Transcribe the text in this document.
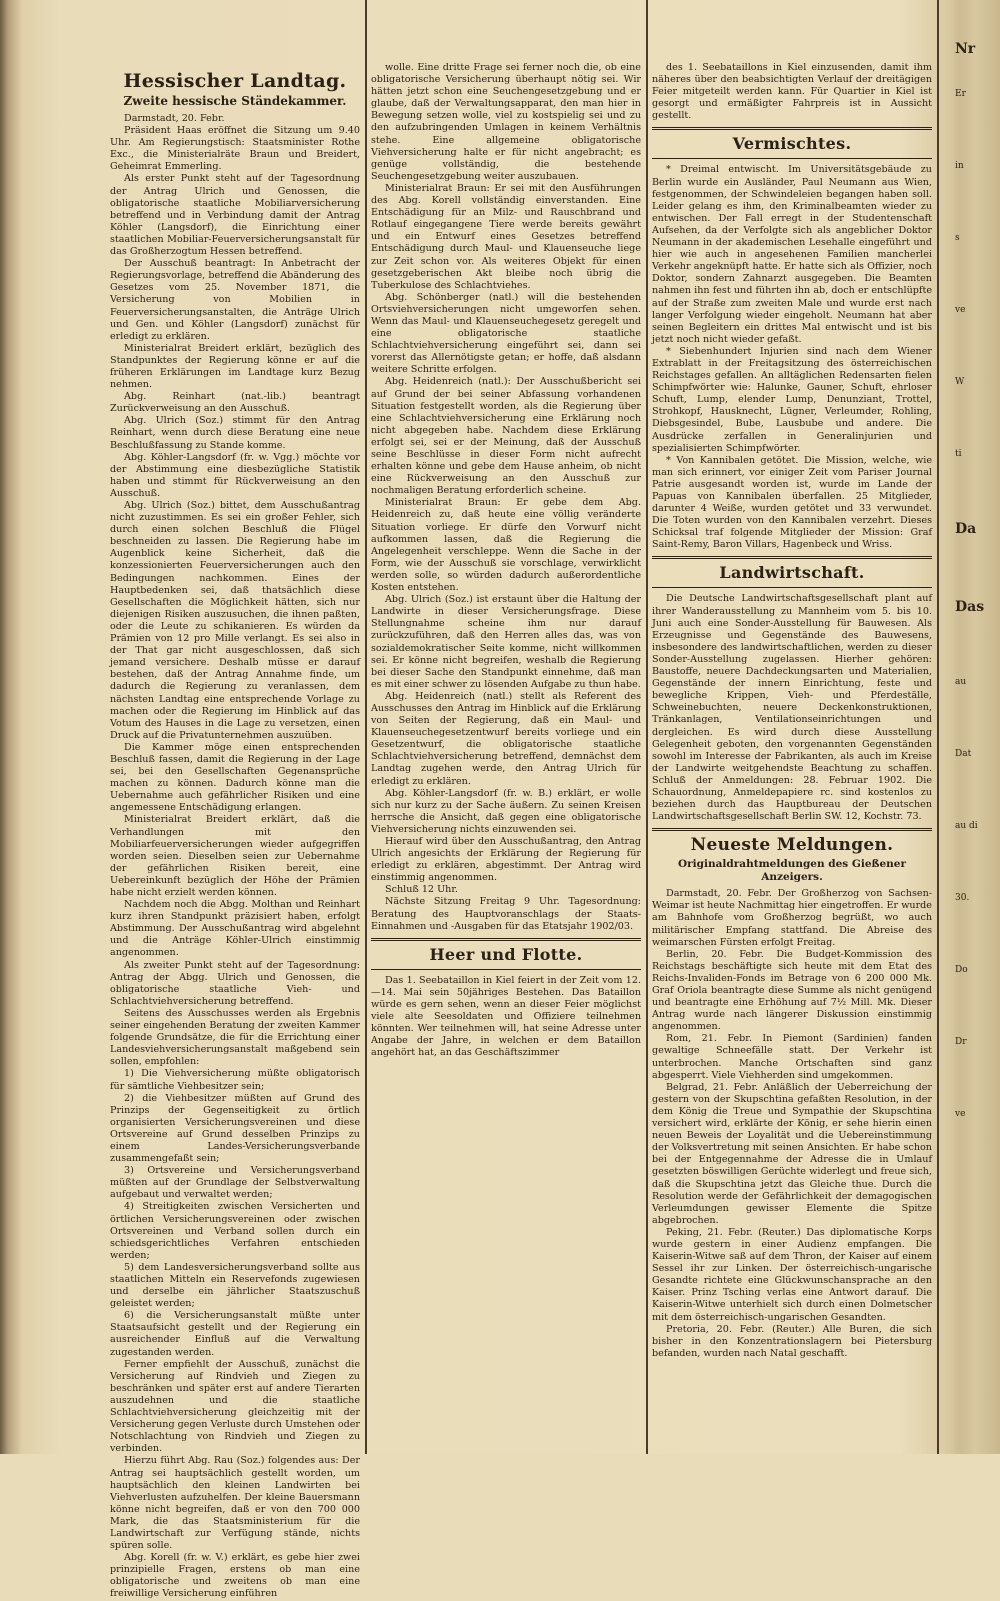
Hessischer Landtag.
Zweite hessische Ständekammer.

Darmstadt, 20. Febr.

Präsident Haas eröffnet die Sitzung um 9.40 Uhr. Am Regierungstisch: Staatsminister Rothe Exc., die Ministerialräte Braun und Breidert, Geheimrat Emmerling.

Als erster Punkt steht auf der Tagesordnung der Antrag Ulrich und Genossen, die obligatorische staatliche Mobiliarversicherung betreffend und in Verbindung damit der Antrag Köhler (Langsdorf), die Einrichtung einer staatlichen Mobiliar-Feuerversicherungsanstalt für das Großherzogtum Hessen betreffend.

Der Ausschuß beantragt: In Anbetracht der Regierungsvorlage, betreffend die Abänderung des Gesetzes vom 25. November 1871, die Versicherung von Mobilien in Feuerversicherungsanstalten, die Anträge Ulrich und Gen. und Köhler (Langsdorf) zunächst für erledigt zu erklären.

Ministerialrat Breidert erklärt, bezüglich des Standpunktes der Regierung könne er auf die früheren Erklärungen im Landtage kurz Bezug nehmen.

Abg. Reinhart (nat.-lib.) beantragt Zurückverweisung an den Ausschuß.

Abg. Ulrich (Soz.) stimmt für den Antrag Reinhart, wenn durch diese Beratung eine neue Beschlußfassung zu Stande komme.

Abg. Köhler-Langsdorf (fr. w. Vgg.) möchte vor der Abstimmung eine diesbezügliche Statistik haben und stimmt für Rückverweisung an den Ausschuß.

Abg. Ulrich (Soz.) bittet, dem Ausschußantrag nicht zuzustimmen. Es sei ein großer Fehler, sich durch einen solchen Beschluß die Flügel beschneiden zu lassen. Die Regierung habe im Augenblick keine Sicherheit, daß die konzessionierten Feuerversicherungen auch den Bedingungen nachkommen. Eines der Hauptbedenken sei, daß thatsächlich diese Gesellschaften die Möglichkeit hätten, sich nur diejenigen Risiken auszusuchen, die ihnen paßten, oder die Leute zu schikanieren. Es würden da Prämien von 12 pro Mille verlangt. Es sei also in der That gar nicht ausgeschlossen, daß sich jemand versichere. Deshalb müsse er darauf bestehen, daß der Antrag Annahme finde, um dadurch die Regierung zu veranlassen, dem nächsten Landtag eine entsprechende Vorlage zu machen oder die Regierung im Hinblick auf das Votum des Hauses in die Lage zu versetzen, einen Druck auf die Privatunternehmen auszuüben.

Die Kammer möge einen entsprechenden Beschluß fassen, damit die Regierung in der Lage sei, bei den Gesellschaften Gegenansprüche machen zu können. Dadurch könne man die Uebernahme auch gefährlicher Risiken und eine angemessene Entschädigung erlangen.

Ministerialrat Breidert erklärt, daß die Verhandlungen mit den Mobiliarfeuerversicherungen wieder aufgegriffen worden seien. Dieselben seien zur Uebernahme der gefährlichen Risiken bereit, eine Uebereinkunft bezüglich der Höhe der Prämien habe nicht erzielt werden können.

Nachdem noch die Abgg. Molthan und Reinhart kurz ihren Standpunkt präzisiert haben, erfolgt Abstimmung. Der Ausschußantrag wird abgelehnt und die Anträge Köhler-Ulrich einstimmig angenommen.

Als zweiter Punkt steht auf der Tagesordnung: Antrag der Abgg. Ulrich und Genossen, die obligatorische staatliche Vieh- und Schlachtviehversicherung betreffend.

Seitens des Ausschusses werden als Ergebnis seiner eingehenden Beratung der zweiten Kammer folgende Grundsätze, die für die Errichtung einer Landesviehversicherungsanstalt maßgebend sein sollen, empfohlen:

1) Die Viehversicherung müßte obligatorisch für sämtliche Viehbesitzer sein;

2) die Viehbesitzer müßten auf Grund des Prinzips der Gegenseitigkeit zu örtlich organisierten Versicherungsvereinen und diese Ortsvereine auf Grund desselben Prinzips zu einem Landes-Versicherungsverbande zusammengefaßt sein;

3) Ortsvereine und Versicherungsverband müßten auf der Grundlage der Selbstverwaltung aufgebaut und verwaltet werden;

4) Streitigkeiten zwischen Versicherten und örtlichen Versicherungsvereinen oder zwischen Ortsvereinen und Verband sollen durch ein schiedsgerichtliches Verfahren entschieden werden;

5) dem Landesversicherungsverband sollte aus staatlichen Mitteln ein Reservefonds zugewiesen und derselbe ein jährlicher Staatszuschuß geleistet werden;

6) die Versicherungsanstalt müßte unter Staatsaufsicht gestellt und der Regierung ein ausreichender Einfluß auf die Verwaltung zugestanden werden.

Ferner empfiehlt der Ausschuß, zunächst die Versicherung auf Rindvieh und Ziegen zu beschränken und später erst auf andere Tierarten auszudehnen und die staatliche Schlachtviehversicherung gleichzeitig mit der Versicherung gegen Verluste durch Umstehen oder Notschlachtung von Rindvieh und Ziegen zu verbinden.

Hierzu führt Abg. Rau (Soz.) folgendes aus: Der Antrag sei hauptsächlich gestellt worden, um hauptsächlich den kleinen Landwirten bei Viehverlusten aufzuhelfen. Der kleine Bauersmann könne nicht begreifen, daß er von den 700 000 Mark, die das Staatsministerium für die Landwirtschaft zur Verfügung stände, nichts spüren solle.

Abg. Korell (fr. w. V.) erklärt, es gebe hier zwei prinzipielle Fragen, erstens ob man eine obligatorische und zweitens ob man eine freiwillige Versicherung einführen

wolle. Eine dritte Frage sei ferner noch die, ob eine obligatorische Versicherung überhaupt nötig sei. Wir hätten jetzt schon eine Seuchengesetzgebung und er glaube, daß der Verwaltungsapparat, den man hier in Bewegung setzen wolle, viel zu kostspielig sei und zu den aufzubringenden Umlagen in keinem Verhältnis stehe. Eine allgemeine obligatorische Viehversicherung halte er für nicht angebracht; es genüge vollständig, die bestehende Seuchengesetzgebung weiter auszubauen.

Ministerialrat Braun: Er sei mit den Ausführungen des Abg. Korell vollständig einverstanden. Eine Entschädigung für an Milz- und Rauschbrand und Rotlauf eingegangene Tiere werde bereits gewährt und ein Entwurf eines Gesetzes betreffend Entschädigung durch Maul- und Klauenseuche liege zur Zeit schon vor. Als weiteres Objekt für einen gesetzgeberischen Akt bleibe noch übrig die Tuberkulose des Schlachtviehes.

Abg. Schönberger (natl.) will die bestehenden Ortsviehversicherungen nicht umgeworfen sehen. Wenn das Maul- und Klauenseuchegesetz geregelt und eine obligatorische staatliche Schlachtviehversicherung eingeführt sei, dann sei vorerst das Allernötigste getan; er hoffe, daß alsdann weitere Schritte erfolgen.

Abg. Heidenreich (natl.): Der Ausschußbericht sei auf Grund der bei seiner Abfassung vorhandenen Situation festgestellt worden, als die Regierung über eine Schlachtviehversicherung eine Erklärung noch nicht abgegeben habe. Nachdem diese Erklärung erfolgt sei, sei er der Meinung, daß der Ausschuß seine Beschlüsse in dieser Form nicht aufrecht erhalten könne und gebe dem Hause anheim, ob nicht eine Rückverweisung an den Ausschuß zur nochmaligen Beratung erforderlich scheine.

Ministerialrat Braun: Er gebe dem Abg. Heidenreich zu, daß heute eine völlig veränderte Situation vorliege. Er dürfe den Vorwurf nicht aufkommen lassen, daß die Regierung die Angelegenheit verschleppe. Wenn die Sache in der Form, wie der Ausschuß sie vorschlage, verwirklicht werden solle, so würden dadurch außerordentliche Kosten entstehen.

Abg. Ulrich (Soz.) ist erstaunt über die Haltung der Landwirte in dieser Versicherungsfrage. Diese Stellungnahme scheine ihm nur darauf zurückzuführen, daß den Herren alles das, was von sozialdemokratischer Seite komme, nicht willkommen sei. Er könne nicht begreifen, weshalb die Regierung bei dieser Sache den Standpunkt einnehme, daß man es mit einer schwer zu lösenden Aufgabe zu thun habe.

Abg. Heidenreich (natl.) stellt als Referent des Ausschusses den Antrag im Hinblick auf die Erklärung von Seiten der Regierung, daß ein Maul- und Klauenseuchegesetzentwurf bereits vorliege und ein Gesetzentwurf, die obligatorische staatliche Schlachtviehversicherung betreffend, demnächst dem Landtag zugehen werde, den Antrag Ulrich für erledigt zu erklären.

Abg. Köhler-Langsdorf (fr. w. B.) erklärt, er wolle sich nur kurz zu der Sache äußern. Zu seinen Kreisen herrsche die Ansicht, daß gegen eine obligatorische Viehversicherung nichts einzuwenden sei.

Hierauf wird über den Ausschußantrag, den Antrag Ulrich angesichts der Erklärung der Regierung für erledigt zu erklären, abgestimmt. Der Antrag wird einstimmig angenommen.

Schluß 12 Uhr.

Nächste Sitzung Freitag 9 Uhr. Tagesordnung: Beratung des Hauptvoranschlags der Staats-Einnahmen und -Ausgaben für das Etatsjahr 1902/03.

Heer und Flotte.

Das 1. Seebataillon in Kiel feiert in der Zeit vom 12.—14. Mai sein 50jähriges Bestehen. Das Bataillon würde es gern sehen, wenn an dieser Feier möglichst viele alte Seesoldaten und Offiziere teilnehmen könnten. Wer teilnehmen will, hat seine Adresse unter Angabe der Jahre, in welchen er dem Bataillon angehört hat, an das Geschäftszimmer

des 1. Seebataillons in Kiel einzusenden, damit ihm näheres über den beabsichtigten Verlauf der dreitägigen Feier mitgeteilt werden kann. Für Quartier in Kiel ist gesorgt und ermäßigter Fahrpreis ist in Aussicht gestellt.

Vermischtes.

* Dreimal entwischt. Im Universitätsgebäude zu Berlin wurde ein Ausländer, Paul Neumann aus Wien, festgenommen, der Schwindeleien begangen haben soll. Leider gelang es ihm, den Kriminalbeamten wieder zu entwischen. Der Fall erregt in der Studentenschaft Aufsehen, da der Verfolgte sich als angeblicher Doktor Neumann in der akademischen Lesehalle eingeführt und hier wie auch in angesehenen Familien mancherlei Verkehr angeknüpft hatte. Er hatte sich als Offizier, noch Doktor, sondern Zahnarzt ausgegeben. Die Beamten nahmen ihn fest und führten ihn ab, doch er entschlüpfte auf der Straße zum zweiten Male und wurde erst nach langer Verfolgung wieder eingeholt. Neumann hat aber seinen Begleitern ein drittes Mal entwischt und ist bis jetzt noch nicht wieder gefaßt.

* Siebenhundert Injurien sind nach dem Wiener Extrablatt in der Freitagsitzung des österreichischen Reichstages gefallen. An alltäglichen Redensarten fielen Schimpfwörter wie: Halunke, Gauner, Schuft, ehrloser Schuft, Lump, elender Lump, Denunziant, Trottel, Strohkopf, Hausknecht, Lügner, Verleumder, Rohling, Diebsgesindel, Bube, Lausbube und andere. Die Ausdrücke zerfallen in Generalinjurien und spezialisierten Schimpfwörter.

* Von Kannibalen getötet. Die Mission, welche, wie man sich erinnert, vor einiger Zeit vom Pariser Journal Patrie ausgesandt worden ist, wurde im Lande der Papuas von Kannibalen überfallen. 25 Mitglieder, darunter 4 Weiße, wurden getötet und 33 verwundet. Die Toten wurden von den Kannibalen verzehrt. Dieses Schicksal traf folgende Mitglieder der Mission: Graf Saint-Remy, Baron Villars, Hagenbeck und Wriss.

Landwirtschaft.

Die Deutsche Landwirtschaftsgesellschaft plant auf ihrer Wanderausstellung zu Mannheim vom 5. bis 10. Juni auch eine Sonder-Ausstellung für Bauwesen. Als Erzeugnisse und Gegenstände des Bauwesens, insbesondere des landwirtschaftlichen, werden zu dieser Sonder-Ausstellung zugelassen. Hierher gehören: Baustoffe, neuere Dachdeckungsarten und Materialien, Gegenstände der innern Einrichtung, feste und bewegliche Krippen, Vieh- und Pferdeställe, Schweinebuchten, neuere Deckenkonstruktionen, Tränkanlagen, Ventilationseinrichtungen und dergleichen. Es wird durch diese Ausstellung Gelegenheit geboten, den vorgenannten Gegenständen sowohl im Interesse der Fabrikanten, als auch im Kreise der Landwirte weitgehendste Beachtung zu schaffen. Schluß der Anmeldungen: 28. Februar 1902. Die Schauordnung, Anmeldepapiere rc. sind kostenlos zu beziehen durch das Hauptbureau der Deutschen Landwirtschaftsgesellschaft Berlin SW. 12, Kochstr. 73.

Neueste Meldungen.
Originaldrahtmeldungen des Gießener Anzeigers.

Darmstadt, 20. Febr. Der Großherzog von Sachsen-Weimar ist heute Nachmittag hier eingetroffen. Er wurde am Bahnhofe vom Großherzog begrüßt, wo auch militärischer Empfang stattfand. Die Abreise des weimarschen Fürsten erfolgt Freitag.

Berlin, 20. Febr. Die Budget-Kommission des Reichstags beschäftigte sich heute mit dem Etat des Reichs-Invaliden-Fonds im Betrage von 6 200 000 Mk. Graf Oriola beantragte diese Summe als nicht genügend und beantragte eine Erhöhung auf 7½ Mill. Mk. Dieser Antrag wurde nach längerer Diskussion einstimmig angenommen.

Rom, 21. Febr. In Piemont (Sardinien) fanden gewaltige Schneefälle statt. Der Verkehr ist unterbrochen. Manche Ortschaften sind ganz abgesperrt. Viele Viehherden sind umgekommen.

Belgrad, 21. Febr. Anläßlich der Ueberreichung der gestern von der Skupschtina gefaßten Resolution, in der dem König die Treue und Sympathie der Skupschtina versichert wird, erklärte der König, er sehe hierin einen neuen Beweis der Loyalität und die Uebereinstimmung der Volksvertretung mit seinen Ansichten. Er habe schon bei der Entgegennahme der Adresse die in Umlauf gesetzten böswilligen Gerüchte widerlegt und freue sich, daß die Skupschtina jetzt das Gleiche thue. Durch die Resolution werde der Gefährlichkeit der demagogischen Verleumdungen gewisser Elemente die Spitze abgebrochen.

Peking, 21. Febr. (Reuter.) Das diplomatische Korps wurde gestern in einer Audienz empfangen. Die Kaiserin-Witwe saß auf dem Thron, der Kaiser auf einem Sessel ihr zur Linken. Der österreichisch-ungarische Gesandte richtete eine Glückwunschansprache an den Kaiser. Prinz Tsching verlas eine Antwort darauf. Die Kaiserin-Witwe unterhielt sich durch einen Dolmetscher mit dem österreichisch-ungarischen Gesandten.

Pretoria, 20. Febr. (Reuter.) Alle Buren, die sich bisher in den Konzentrationslagern bei Pietersburg befanden, wurden nach Natal geschafft.

Nr
Er
in
s
ve
W
ti
Da
Das
au
Dat
au di
30.
Do
Dr
ve
